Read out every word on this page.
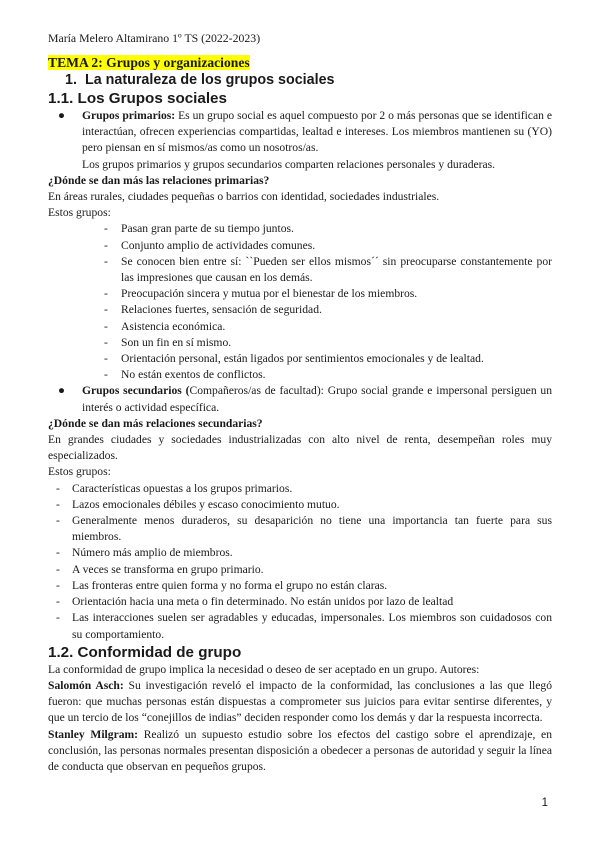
María Melero Altamirano 1º TS (2022-2023)

TEMA 2: Grupos y organizaciones

1. La naturaleza de los grupos sociales

1.1. Los Grupos sociales

● Grupos primarios: Es un grupo social es aquel compuesto por 2 o más personas que se identifican e interactúan, ofrecen experiencias compartidas, lealtad e intereses. Los miembros mantienen su (YO) pero piensan en sí mismos/as como un nosotros/as.

Los grupos primarios y grupos secundarios comparten relaciones personales y duraderas.

¿Dónde se dan más las relaciones primarias?

En áreas rurales, ciudades pequeñas o barrios con identidad, sociedades industriales.

Estos grupos:

- Pasan gran parte de su tiempo juntos.

- Conjunto amplio de actividades comunes.

- Se conocen bien entre sí: ``Pueden ser ellos mismos´´ sin preocuparse constantemente por las impresiones que causan en los demás.

- Preocupación sincera y mutua por el bienestar de los miembros.

- Relaciones fuertes, sensación de seguridad.

- Asistencia económica.

- Son un fin en sí mismo.

- Orientación personal, están ligados por sentimientos emocionales y de lealtad.

- No están exentos de conflictos.

● Grupos secundarios (Compañeros/as de facultad): Grupo social grande e impersonal persiguen un interés o actividad específica.

¿Dónde se dan más relaciones secundarias?

En grandes ciudades y sociedades industrializadas con alto nivel de renta, desempeñan roles muy especializados.

Estos grupos:

- Características opuestas a los grupos primarios.

- Lazos emocionales débiles y escaso conocimiento mutuo.

- Generalmente menos duraderos, su desaparición no tiene una importancia tan fuerte para sus miembros.

- Número más amplio de miembros.

- A veces se transforma en grupo primario.

- Las fronteras entre quien forma y no forma el grupo no están claras.

- Orientación hacia una meta o fin determinado. No están unidos por lazo de lealtad

- Las interacciones suelen ser agradables y educadas, impersonales. Los miembros son cuidadosos con su comportamiento.

1.2. Conformidad de grupo

La conformidad de grupo implica la necesidad o deseo de ser aceptado en un grupo. Autores:

Salomón Asch: Su investigación reveló el impacto de la conformidad, las conclusiones a las que llegó fueron: que muchas personas están dispuestas a comprometer sus juicios para evitar sentirse diferentes, y que un tercio de los “conejillos de indias” deciden responder como los demás y dar la respuesta incorrecta.

Stanley Milgram: Realizó un supuesto estudio sobre los efectos del castigo sobre el aprendizaje, en conclusión, las personas normales presentan disposición a obedecer a personas de autoridad y seguir la línea de conducta que observan en pequeños grupos.

1
